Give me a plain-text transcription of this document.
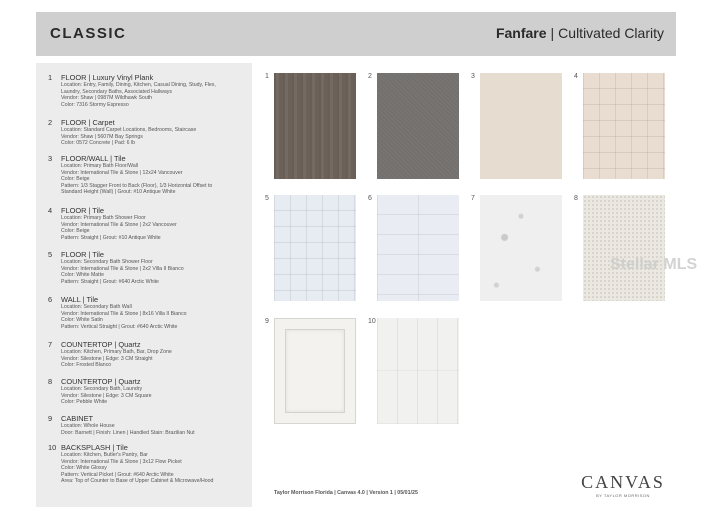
CLASSIC	Fanfare | Cultivated Clarity
1 FLOOR | Luxury Vinyl Plank
Location: Entry, Family, Dining, Kitchen, Casual Dining, Study, Flex,
Laundry, Secondary Baths, Associated Hallways
Vendor: Shaw | 0987M Wildhawk South
Color: 7316 Stormy Espresso
2 FLOOR | Carpet
Location: Standard Carpet Locations, Bedrooms, Staircase
Vendor: Shaw | 5607M Bay Springs
Color: 0572 Concrete | Pad: 6 lb
3 FLOOR/WALL | Tile
Location: Primary Bath Floor/Wall
Vendor: International Tile & Stone | 12x24 Vancouver
Color: Beige
Pattern: 1/3 Stagger Front to Back (Floor), 1/3 Horizontal Offset to
Standard Height (Wall) | Grout: #10 Antique White
4 FLOOR | Tile
Location: Primary Bath Shower Floor
Vendor: International Tile & Stone | 2x2 Vancouver
Color: Beige
Pattern: Straight | Grout: #10 Antique White
5 FLOOR | Tile
Location: Secondary Bath Shower Floor
Vendor: International Tile & Stone | 2x2 Villa II Bianco
Color: White Matte
Pattern: Straight | Grout: #640 Arctic White
6 WALL | Tile
Location: Secondary Bath Wall
Vendor: International Tile & Stone | 8x16 Villa II Bianco
Color: White Satin
Pattern: Vertical Straight | Grout: #640 Arctic White
7 COUNTERTOP | Quartz
Location: Kitchen, Primary Bath, Bar, Drop Zone
Vendor: Silestone | Edge: 3 CM Straight
Color: Frosted Blanco
8 COUNTERTOP | Quartz
Location: Secondary Bath, Laundry
Vendor: Silestone | Edge: 3 CM Square
Color: Pebble White
9 CABINET
Location: Whole House
Door: Barnett | Finish: Linen | Handled Stain: Brazilian Nut
10 BACKSPLASH | Tile
Location: Kitchen, Butler's Pantry, Bar
Vendor: International Tile & Stone | 3x12 Flow Picket
Color: White Glossy
Pattern: Vertical Picket | Grout: #640 Arctic White
Area: Top of Counter to Base of Upper Cabinet & Microwave/Hood
1	2	3	4
5	6	7	8
9	10
Taylor Morrison Florida | Canvas 4.0 | Version 1 | 05/01/25
CANVAS
BY TAYLOR MORRISON
Stellar MLS
